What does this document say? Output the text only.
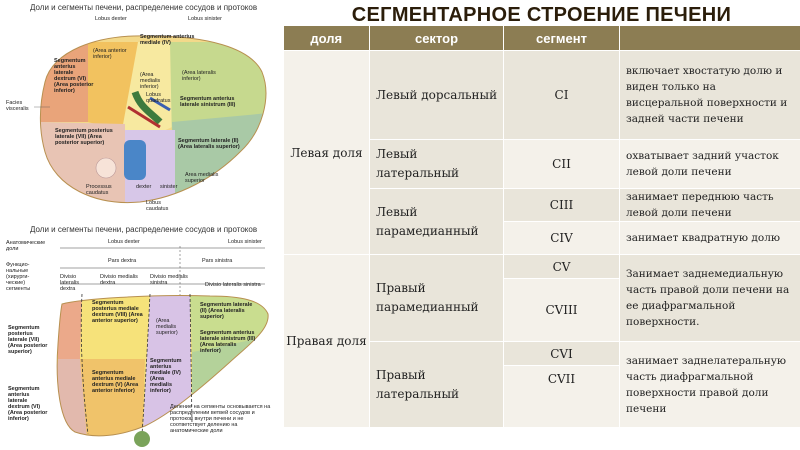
Доли и сегменты печени, распределение сосудов и протоков
Lobus dexter	Lobus sinister
Segmentum anterius mediale (IV)
(Area anterior inferior)
Segmentum anterius laterale dextrum (VI) (Area posterior inferior)
(Area medialis inferior)
(Area lateralis inferior)
Lobus quadratus	Segmentum anterius laterale sinistrum (III)
Facies visceralis
Segmentum posterius laterale (VII) (Area posterior superior)	Segmentum laterale (II) (Area lateralis superior)
Area medialis superior
Processus caudatus
dexter sinister
Lobus caudatus
Доли и сегменты печени, распределение сосудов и протоков
Lobus dexter	Lobus sinister
Анатомические доли
Pars dextra	Pars sinistra
Функцио-нальные (хирурги-ческие) сегменты
Divisio lateralis dextra
Divisio medialis dextra
Divisio medialis sinistra	Divisio lateralis sinistra
Segmentum posterius mediale dextrum (VIII) (Area anterior superior)
Segmentum laterale (II) (Area lateralis superior)
Segmentum posterius laterale (VII) (Area posterior superior)
(Area medialis superior)	Segmentum anterius laterale sinistrum (III) (Area lateralis inferior)
Segmentum anterius mediale (IV) (Area medialis inferior)
Segmentum anterius mediale dextrum (V) (Area anterior inferior)
Segmentum anterius laterale dextrum (VI) (Area posterior inferior)
Деление на сегменты основывается на распределении ветвей сосудов и протоков внутри печени и не соответствует делению на анатомические доли
СЕГМЕНТАРНОЕ СТРОЕНИЕ ПЕЧЕНИ
доля	сектор	сегмент	
Левая доля	Левый дорсальный	CI	включает хвостатую долю и виден только на висцеральной поверхности и задней части печени
	Левый латеральный	CII	охватывает задний участок левой доли печени
	Левый парамедианный	CIII	занимает переднюю часть левой доли печени
		CIV	занимает квадратную долю
Правая доля	Правый парамедианный	CV	Занимает заднемедиальную часть правой доли печени на ее диафрагмальной поверхности.
		CVIII	
	Правый латеральный	CVI	занимает заднелатеральную часть диафрагмальной поверхности правой доли печени
		CVII	
